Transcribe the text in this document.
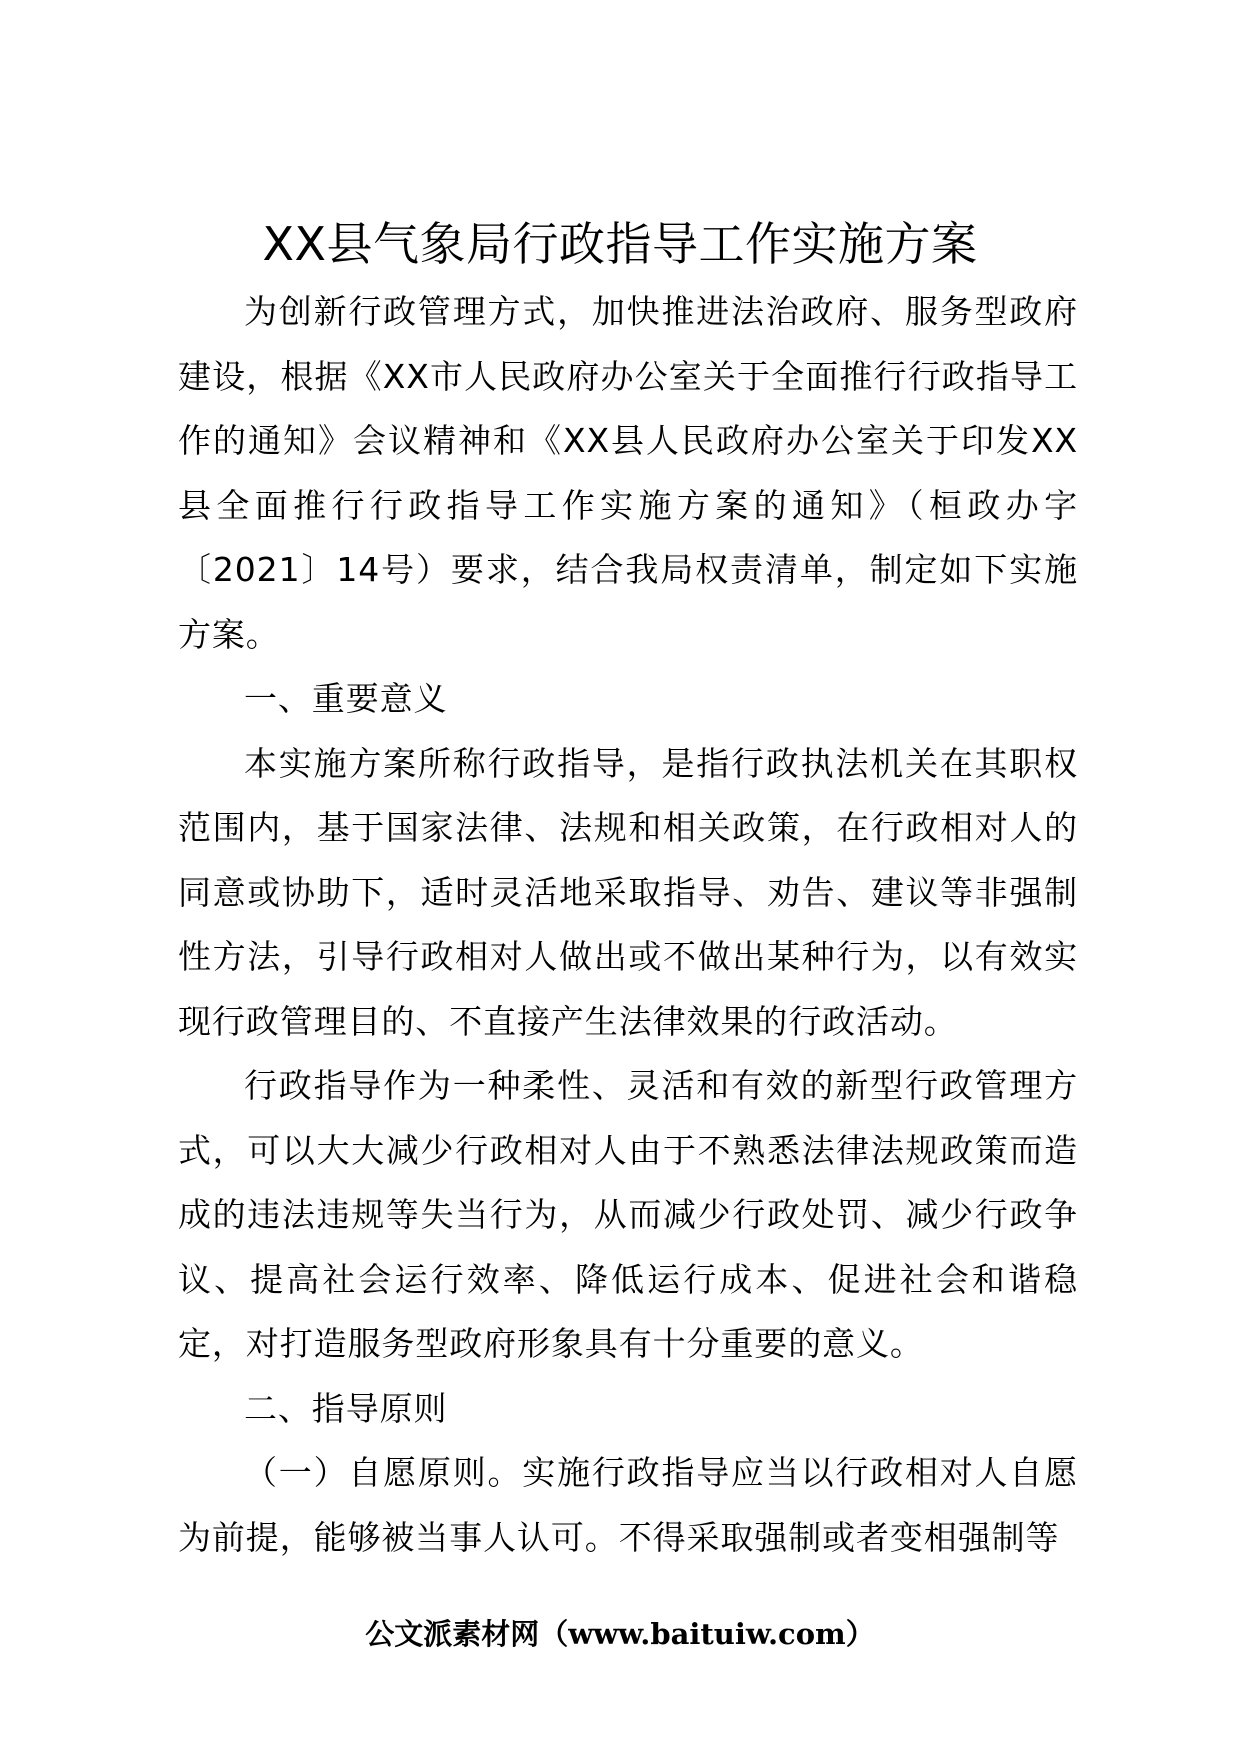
XX县气象局行政指导工作实施方案

为创新行政管理方式，加快推进法治政府、服务型政府建设，根据《XX市人民政府办公室关于全面推行行政指导工作的通知》会议精神和《XX县人民政府办公室关于印发XX县全面推行行政指导工作实施方案的通知》（桓政办字〔2021〕14号）要求，结合我局权责清单，制定如下实施方案。

一、重要意义

本实施方案所称行政指导，是指行政执法机关在其职权范围内，基于国家法律、法规和相关政策，在行政相对人的同意或协助下，适时灵活地采取指导、劝告、建议等非强制性方法，引导行政相对人做出或不做出某种行为，以有效实现行政管理目的、不直接产生法律效果的行政活动。

行政指导作为一种柔性、灵活和有效的新型行政管理方式，可以大大减少行政相对人由于不熟悉法律法规政策而造成的违法违规等失当行为，从而减少行政处罚、减少行政争议、提高社会运行效率、降低运行成本、促进社会和谐稳定，对打造服务型政府形象具有十分重要的意义。

二、指导原则

（一）自愿原则。实施行政指导应当以行政相对人自愿为前提，能够被当事人认可。不得采取强制或者变相强制等

公文派素材网（www.baituiw.com）
